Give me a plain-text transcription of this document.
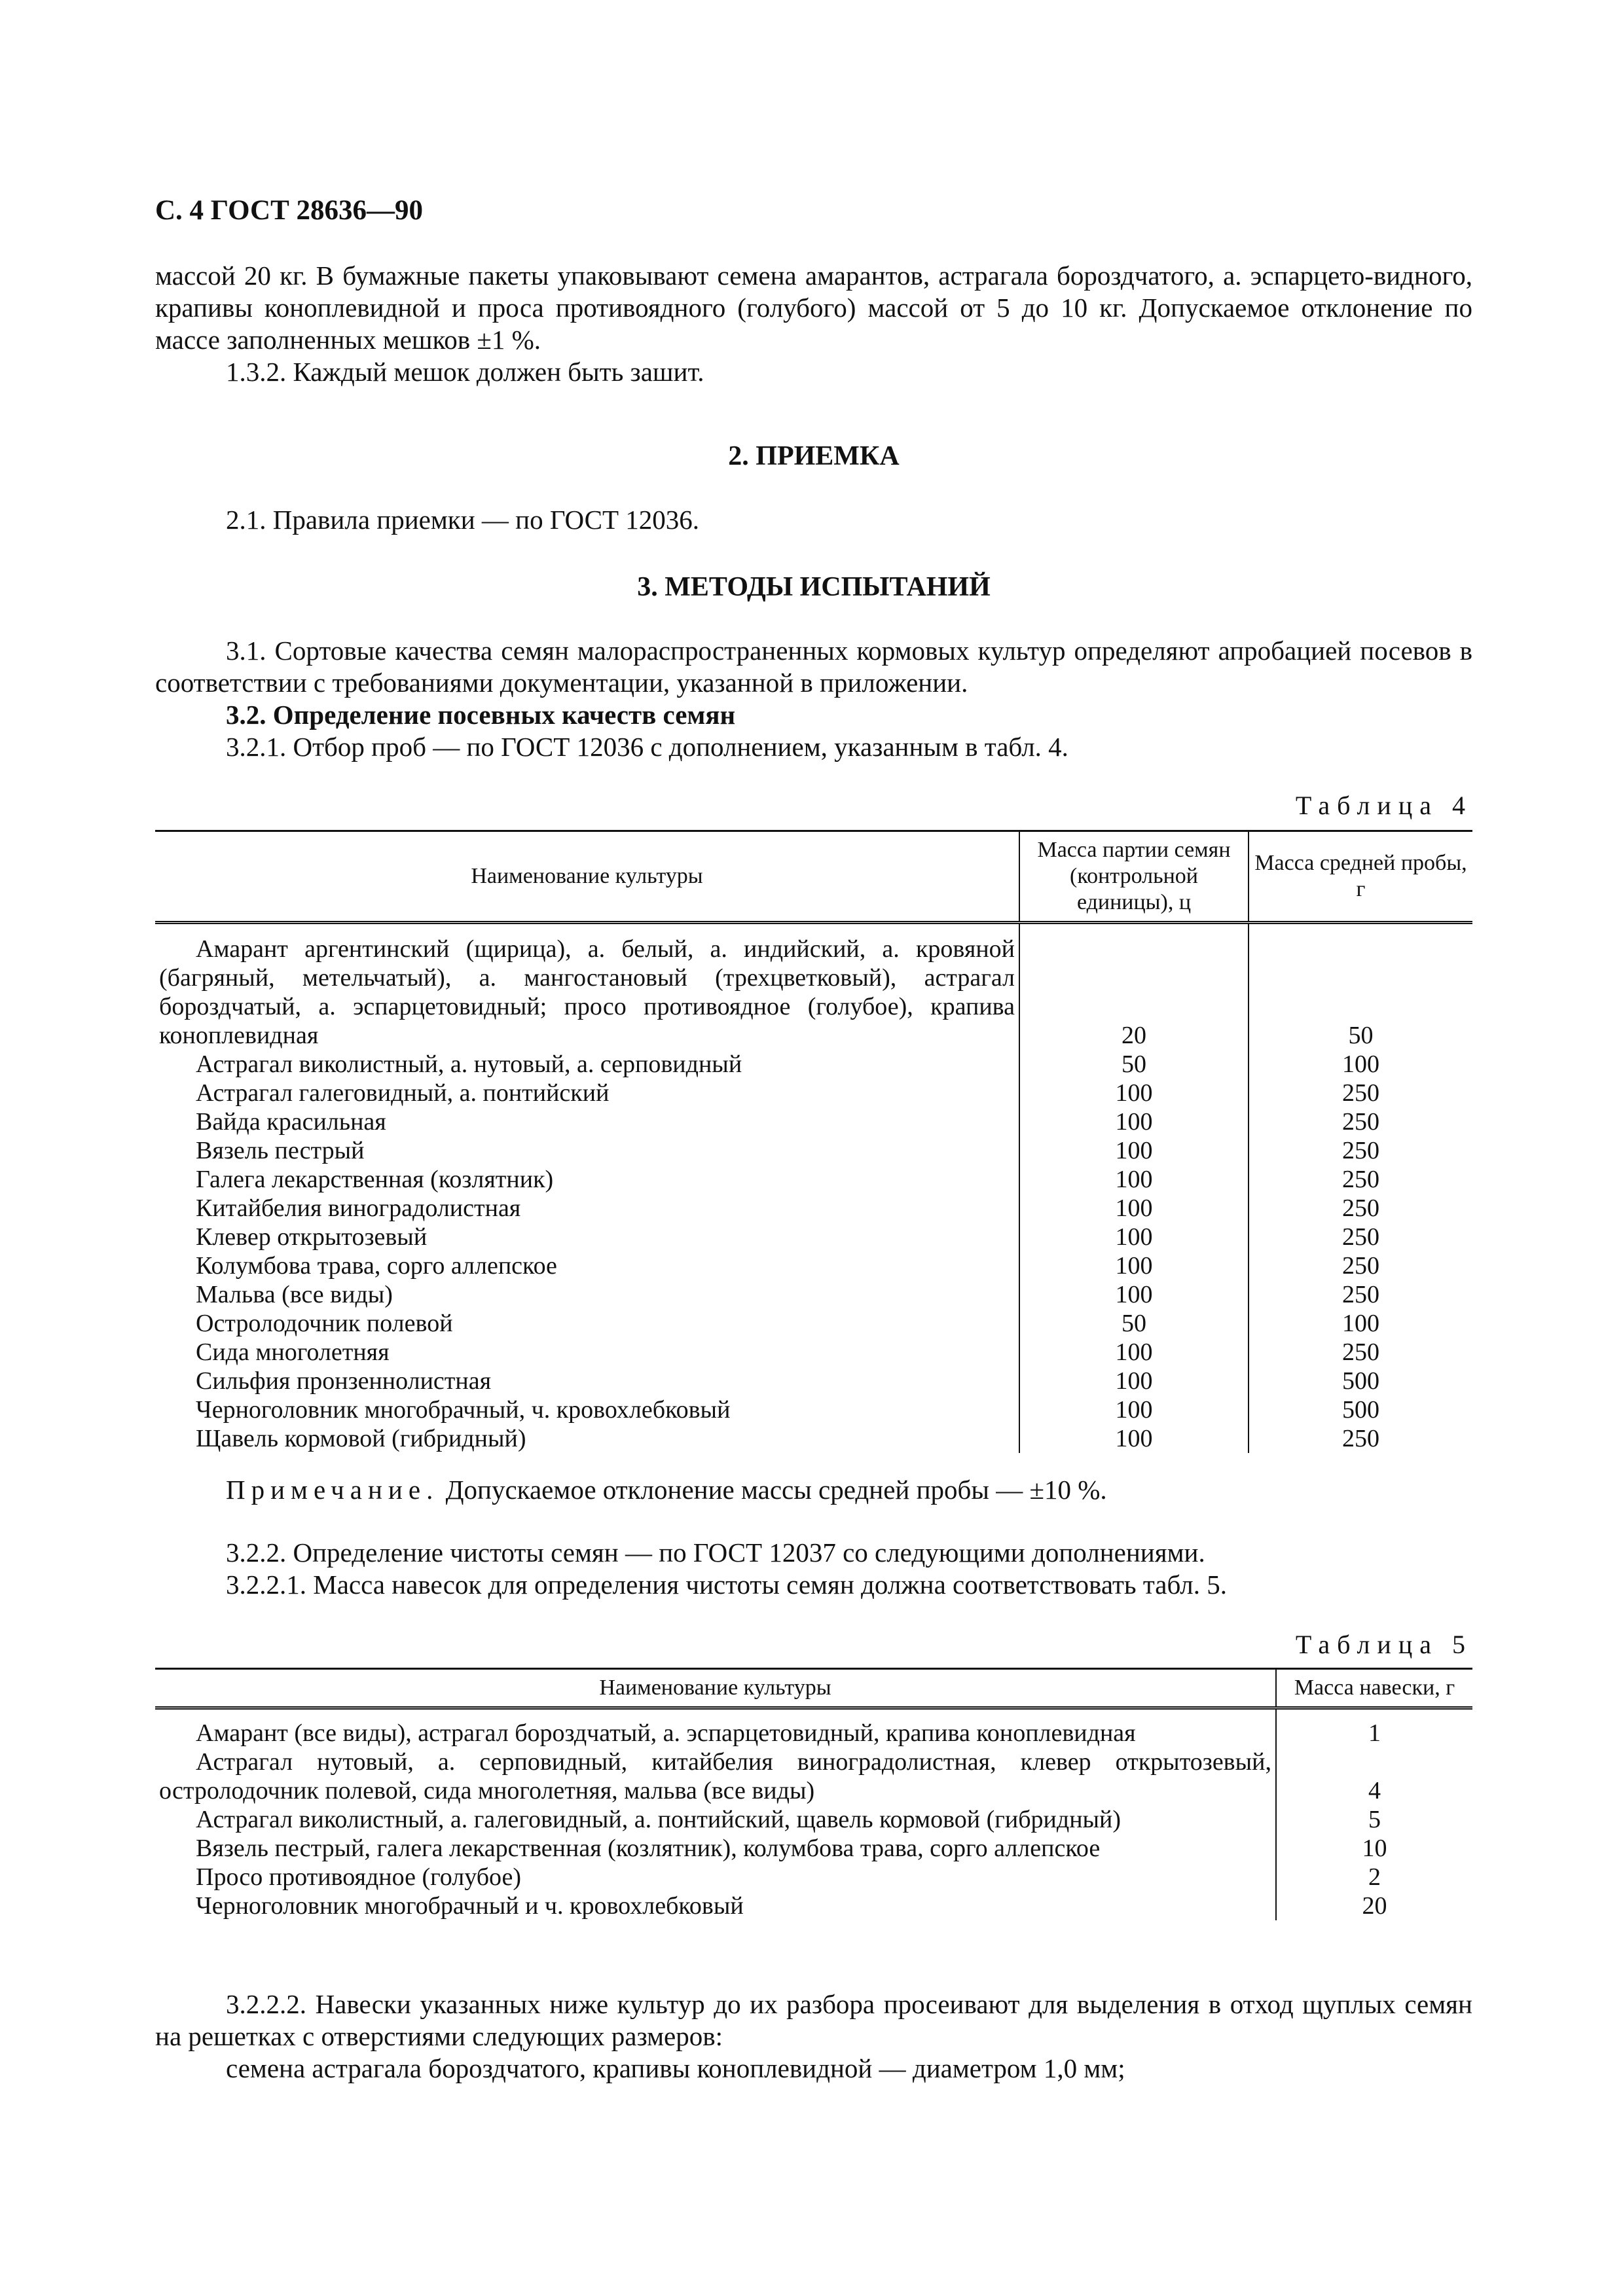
С. 4 ГОСТ 28636—90

массой 20 кг. В бумажные пакеты упаковывают семена амарантов, астрагала бороздчатого, а. эспарцето-видного, крапивы коноплевидной и проса противоядного (голубого) массой от 5 до 10 кг. Допускаемое отклонение по массе заполненных мешков ±1 %.

1.3.2. Каждый мешок должен быть зашит.

2. ПРИЕМКА

2.1. Правила приемки — по ГОСТ 12036.

3. МЕТОДЫ ИСПЫТАНИЙ

3.1. Сортовые качества семян малораспространенных кормовых культур определяют апробацией посевов в соответствии с требованиями документации, указанной в приложении.

3.2. Определение посевных качеств семян

3.2.1. Отбор проб — по ГОСТ 12036 с дополнением, указанным в табл. 4.

Таблица 4
Наименование культуры	Масса партии семян (контрольной единицы), ц	Масса средней пробы, г

Амарант аргентинский (щирица), а. белый, а. индийский, а. кровяной (багряный, метельчатый), а. мангостановый (трехцветковый), астрагал бороздчатый, а. эспарцетовидный; просо противоядное (голубое), крапива коноплевидная	20	50

Астрагал виколистный, а. нутовый, а. серповидный	50	100

Астрагал галеговидный, а. понтийский	100	250

Вайда красильная	100	250

Вязель пестрый	100	250

Галега лекарственная (козлятник)	100	250

Китайбелия виноградолистная	100	250

Клевер открытозевый	100	250

Колумбова трава, сорго аллепское	100	250

Мальва (все виды)	100	250

Остролодочник полевой	50	100

Сида многолетняя	100	250

Сильфия пронзеннолистная	100	500

Черноголовник многобрачный, ч. кровохлебковый	100	500

Щавель кормовой (гибридный)	100	250
Примечание. Допускаемое отклонение массы средней пробы — ±10 %.

3.2.2. Определение чистоты семян — по ГОСТ 12037 со следующими дополнениями.

3.2.2.1. Масса навесок для определения чистоты семян должна соответствовать табл. 5.

Таблица 5
Наименование культуры	Масса навески, г

Амарант (все виды), астрагал бороздчатый, а. эспарцетовидный, крапива коноплевидная	1

Астрагал нутовый, а. серповидный, китайбелия виноградолистная, клевер открытозевый, остролодочник полевой, сида многолетняя, мальва (все виды)	4

Астрагал виколистный, а. галеговидный, а. понтийский, щавель кормовой (гибридный)	5

Вязель пестрый, галега лекарственная (козлятник), колумбова трава, сорго аллепское	10

Просо противоядное (голубое)	2

Черноголовник многобрачный и ч. кровохлебковый	20

3.2.2.2. Навески указанных ниже культур до их разбора просеивают для выделения в отход щуплых семян на решетках с отверстиями следующих размеров:

семена астрагала бороздчатого, крапивы коноплевидной — диаметром 1,0 мм;
